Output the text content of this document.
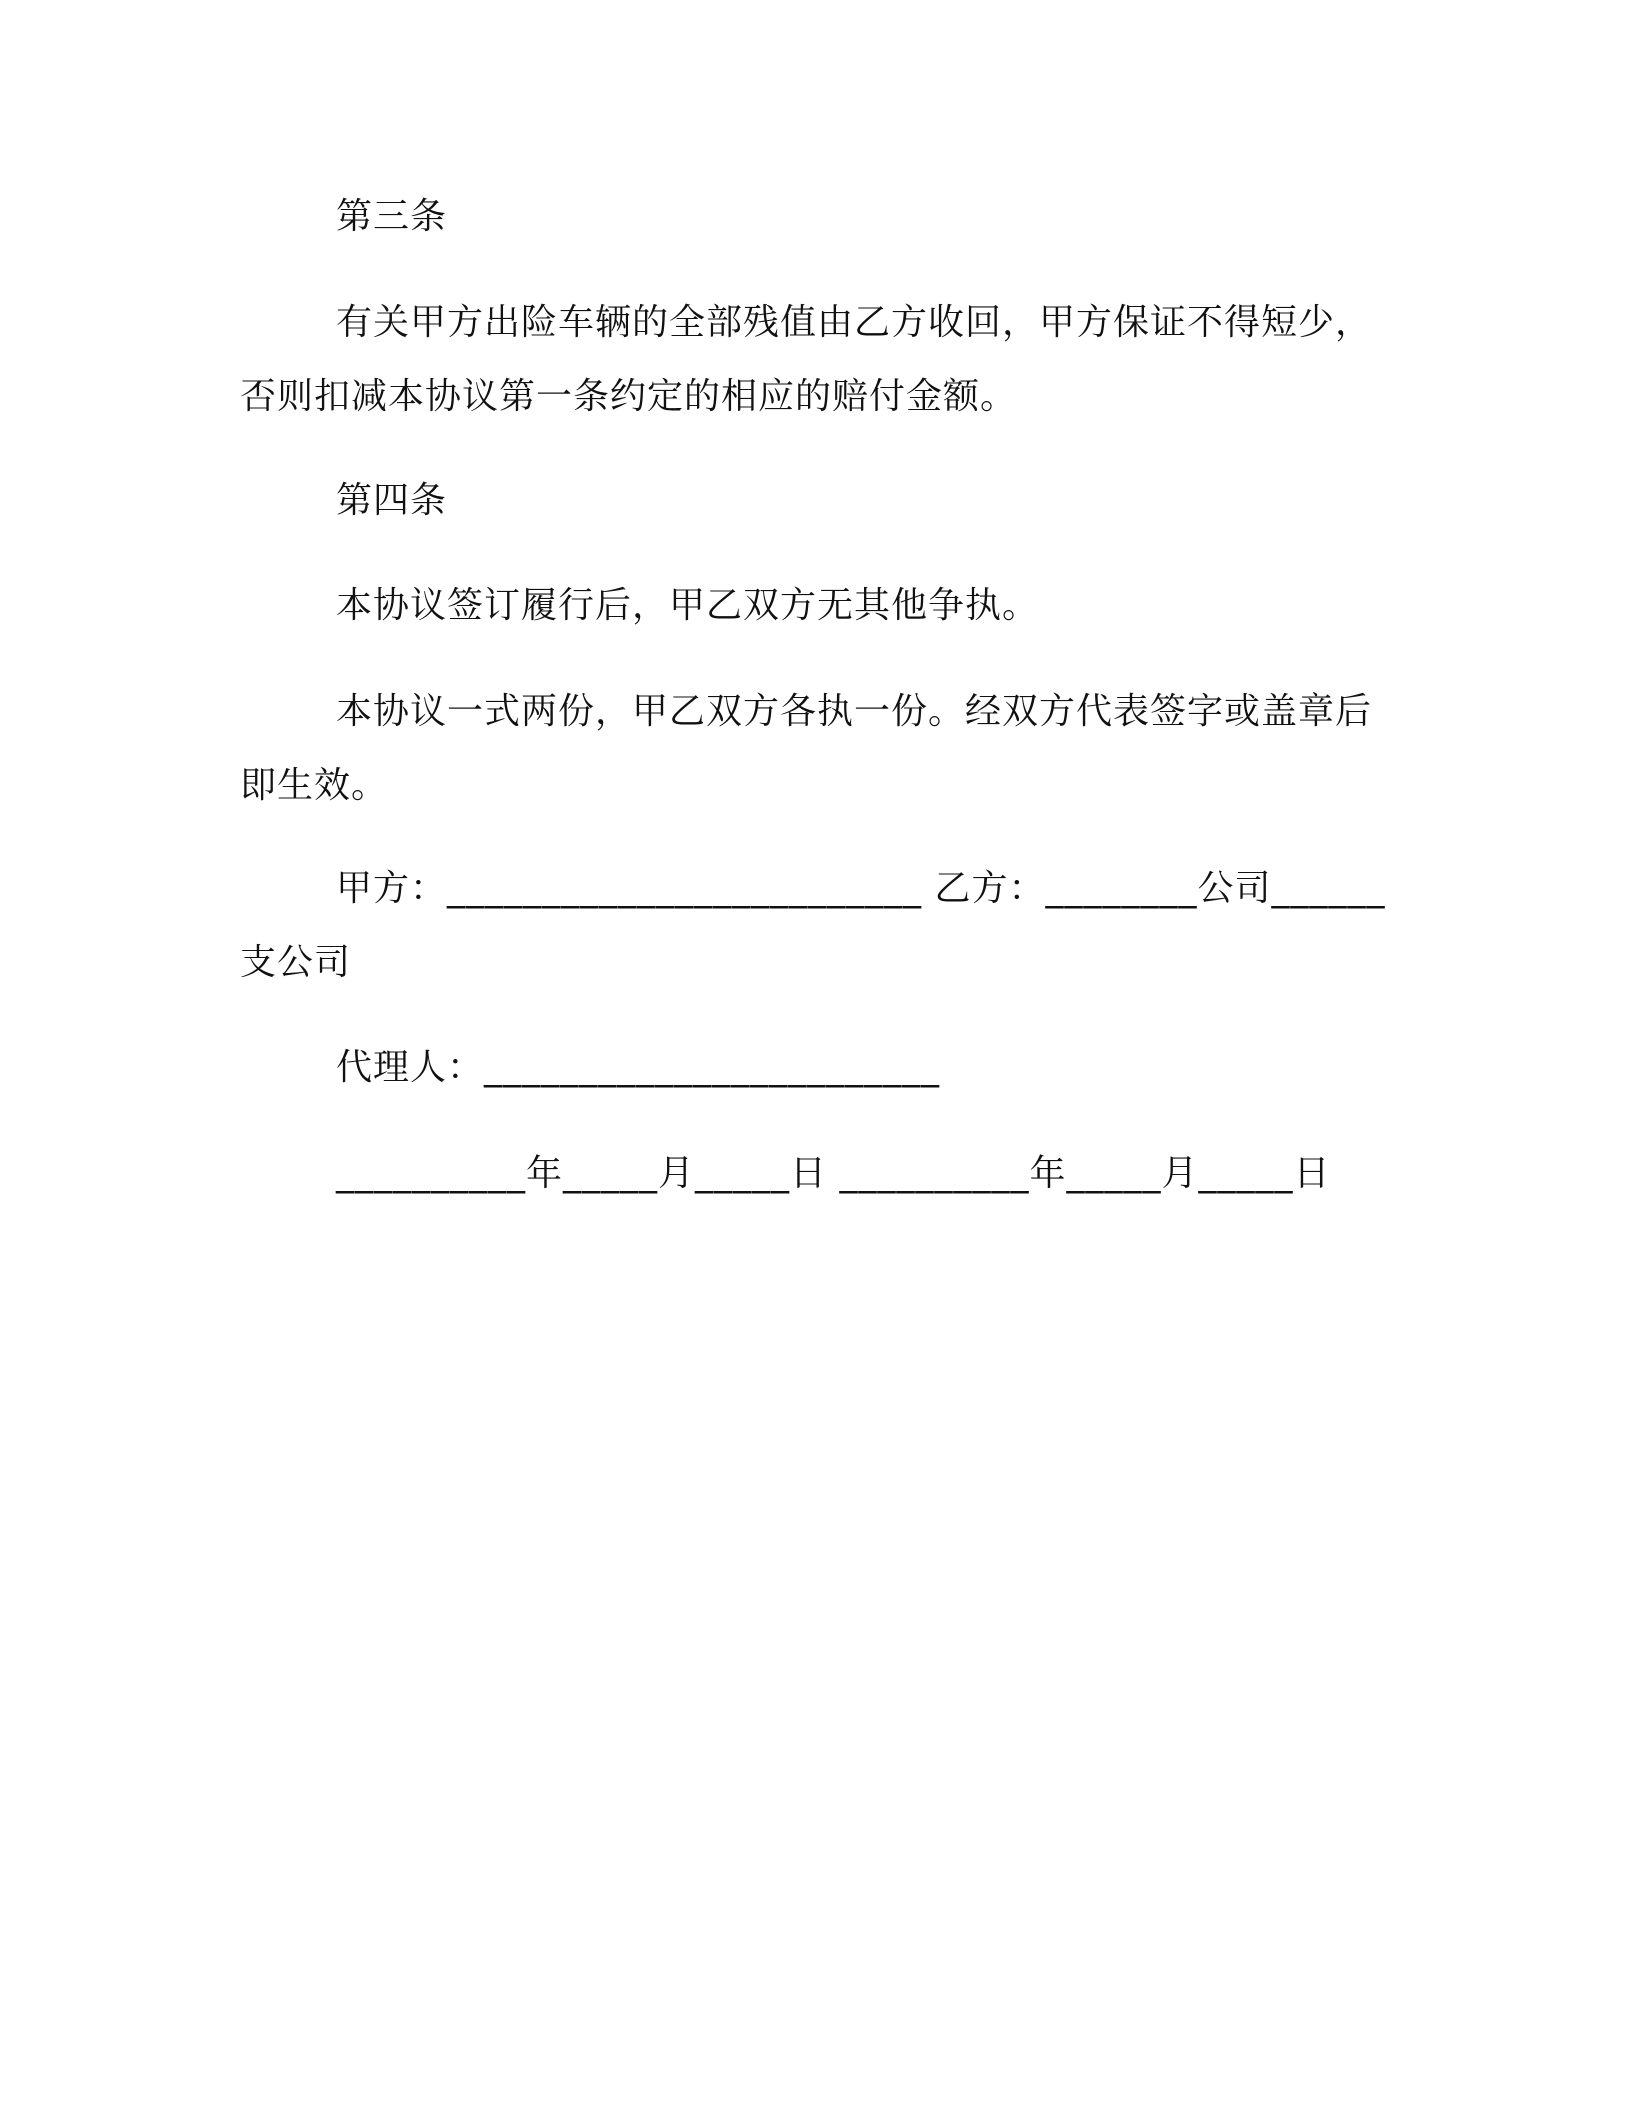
第三条

有关甲方出险车辆的全部残值由乙方收回，甲方保证不得短少，否则扣减本协议第一条约定的相应的赔付金额。

第四条

本协议签订履行后，甲乙双方无其他争执。

本协议一式两份，甲乙双方各执一份。经双方代表签字或盖章后即生效。

甲方：_________________________ 乙方：________公司______

支公司

代理人：________________________

__________年_____月_____日 __________年_____月_____日
